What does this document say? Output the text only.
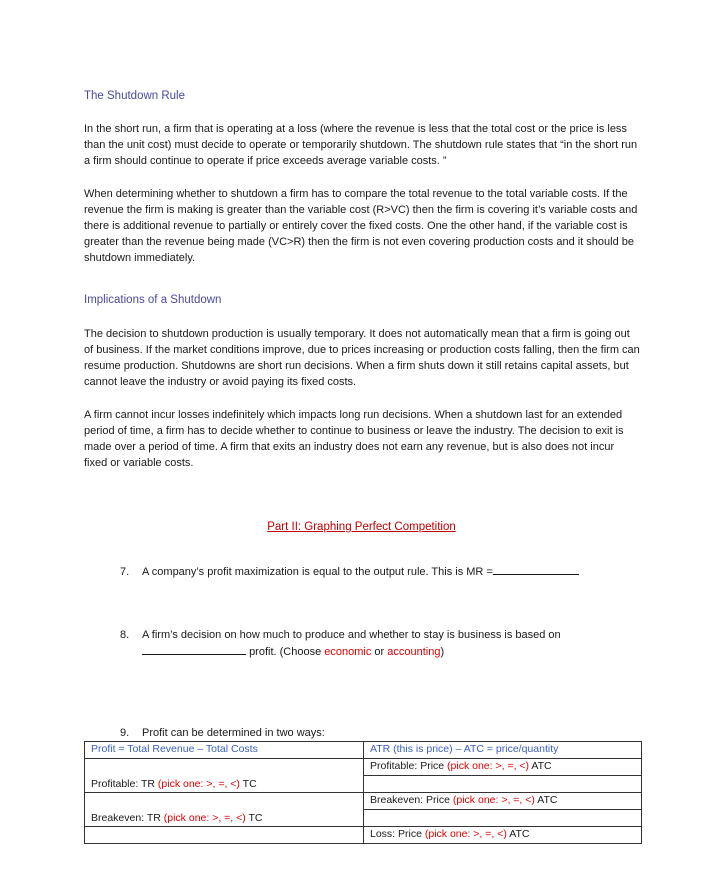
The Shutdown Rule
In the short run, a firm that is operating at a loss (where the revenue is less that the total cost or the price is less than the unit cost) must decide to operate or temporarily shutdown. The shutdown rule states that “in the short run a firm should continue to operate if price exceeds average variable costs. ”
When determining whether to shutdown a firm has to compare the total revenue to the total variable costs. If the revenue the firm is making is greater than the variable cost (R>VC) then the firm is covering it’s variable costs and there is additional revenue to partially or entirely cover the fixed costs. One the other hand, if the variable cost is greater than the revenue being made (VC>R) then the firm is not even covering production costs and it should be shutdown immediately.
Implications of a Shutdown
The decision to shutdown production is usually temporary. It does not automatically mean that a firm is going out of business. If the market conditions improve, due to prices increasing or production costs falling, then the firm can resume production. Shutdowns are short run decisions. When a firm shuts down it still retains capital assets, but cannot leave the industry or avoid paying its fixed costs.
A firm cannot incur losses indefinitely which impacts long run decisions. When a shutdown last for an extended period of time, a firm has to decide whether to continue to business or leave the industry. The decision to exit is made over a period of time. A firm that exits an industry does not earn any revenue, but is also does not incur fixed or variable costs.
Part II: Graphing Perfect Competition
7. A company’s profit maximization is equal to the output rule. This is MR =
8. A firm’s decision on how much to produce and whether to stay is business is based on
profit. (Choose economic or accounting)
9. Profit can be determined in two ways:
Profit = Total Revenue – Total Costs	ATR (this is price) – ATC = price/quantity
Profitable: TR (pick one: >, =, <) TC	Profitable: Price (pick one: >, =, <) ATC

Breakeven: TR (pick one: >, =, <) TC	Breakeven: Price (pick one: >, =, <) ATC

	Loss: Price (pick one: >, =, <) ATC
